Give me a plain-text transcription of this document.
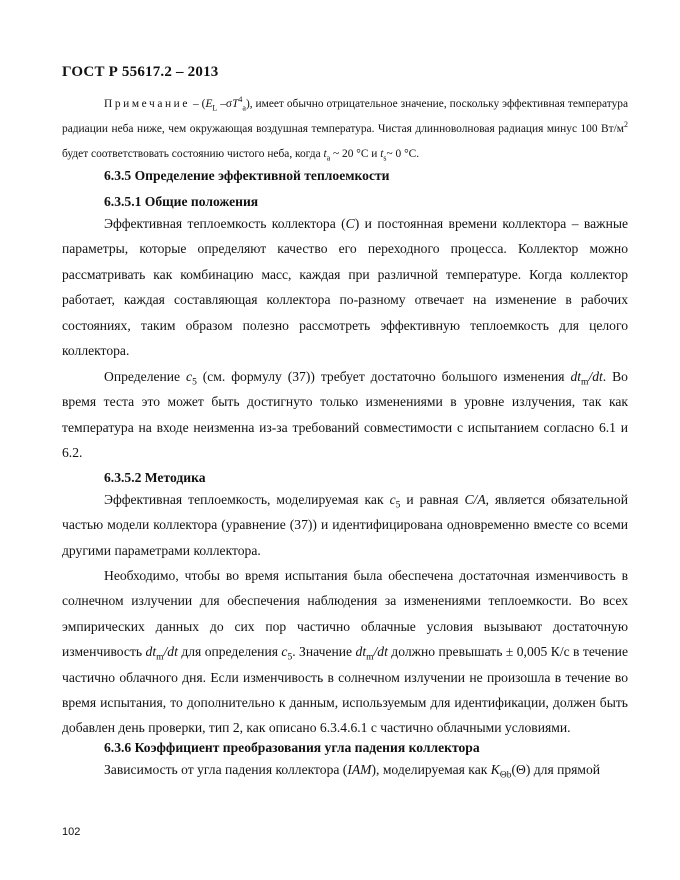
ГОСТ Р 55617.2 – 2013
Примечание – ($E_L$ $-\sigma T^4_a$), имеет обычно отрицательное значение, поскольку эффективная температура радиации неба ниже, чем окружающая воздушная температура. Чистая длинноволновая радиация минус 100 $Вт/м^2$ будет соответствовать состоянию чистого неба, когда $t_a$ ~ 20 °C и $t_s\sim$ 0 °C.
6.3.5 Определение эффективной теплоемкости
6.3.5.1 Общие положения
Эффективная теплоемкость коллектора (C) и постоянная времени коллектора – важные параметры, которые определяют качество его переходного процесса. Коллектор можно рассматривать как комбинацию масс, каждая при различной температуре. Когда коллектор работает, каждая составляющая коллектора по-разному отвечает на изменение в рабочих состояниях, таким образом полезно рассмотреть эффективную теплоемкость для целого коллектора.
Определение $c_5$ (см. формулу (37)) требует достаточно большого изменения $dt_m/dt$. Во время теста это может быть достигнуто только изменениями в уровне излучения, так как температура на входе неизменна из-за требований совместимости с испытанием согласно 6.1 и 6.2.
6.3.5.2 Методика
Эффективная теплоемкость, моделируемая как $c_5$ и равная C/A, является обязательной частью модели коллектора (уравнение (37)) и идентифицирована одновременно вместе со всеми другими параметрами коллектора.
Необходимо, чтобы во время испытания была обеспечена достаточная изменчивость в солнечном излучении для обеспечения наблюдения за изменениями теплоемкости. Во всех эмпирических данных до сих пор частично облачные условия вызывают достаточную изменчивость $dt_m/dt$ для определения $c_5$. Значение $dt_m/dt$ должно превышать ± 0,005 К/с в течение частично облачного дня. Если изменчивость в солнечном излучении не произошла в течение во время испытания, то дополнительно к данным, используемым для идентификации, должен быть добавлен день проверки, тип 2, как описано 6.3.4.6.1 с частично облачными условиями.
6.3.6 Коэффициент преобразования угла падения коллектора
Зависимость от угла падения коллектора (IAM), моделируемая как $K_{\Theta b}(\Theta)$ для прямой
102
